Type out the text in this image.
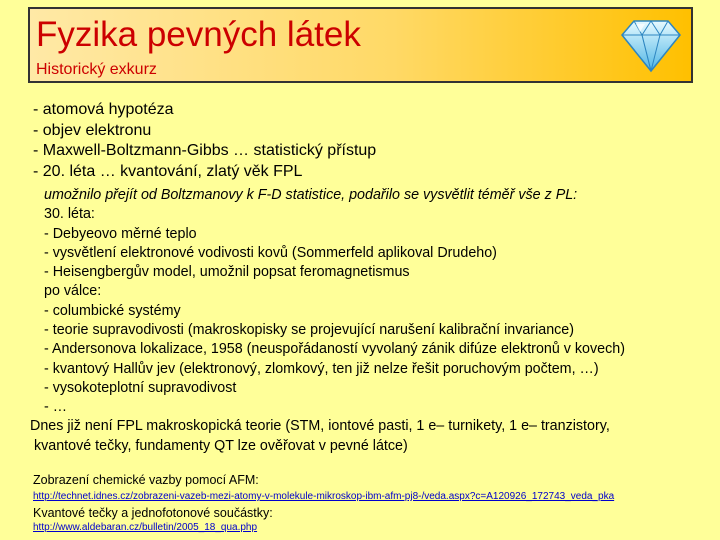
Fyzika pevných látek
Historický exkurz
- atomová hypotéza
- objev elektronu
- Maxwell-Boltzmann-Gibbs … statistický přístup
- 20. léta … kvantování, zlatý věk FPL
umožnilo přejít od Boltzmanovy k F-D statistice, podařilo se vysvětlit téměř vše z PL:
30. léta:
- Debyeovo měrné teplo
- vysvětlení elektronové vodivosti kovů (Sommerfeld aplikoval Drudeho)
- Heisengbergův model, umožnil popsat feromagnetismus
po válce:
- columbické systémy
- teorie supravodivosti (makroskopisky se projevující narušení kalibrační invariance)
- Andersonova lokalizace, 1958 (neuspořádaností vyvolaný zánik difúze elektronů v kovech)
- kvantový Hallův jev (elektronový, zlomkový, ten již nelze řešit poruchovým počtem, …)
- vysokoteplotní supravodivost
- …
Dnes již není FPL makroskopická teorie (STM, iontové pasti, 1 e– turnikety, 1 e– tranzistory,
kvantové tečky, fundamenty QT lze ověřovat v pevné látce)
Zobrazení chemické vazby pomocí AFM:
http://technet.idnes.cz/zobrazeni-vazeb-mezi-atomy-v-molekule-mikroskop-ibm-afm-pj8-/veda.aspx?c=A120926_172743_veda_pka
Kvantové tečky a jednofotonové součástky:
http://www.aldebaran.cz/bulletin/2005_18_qua.php
